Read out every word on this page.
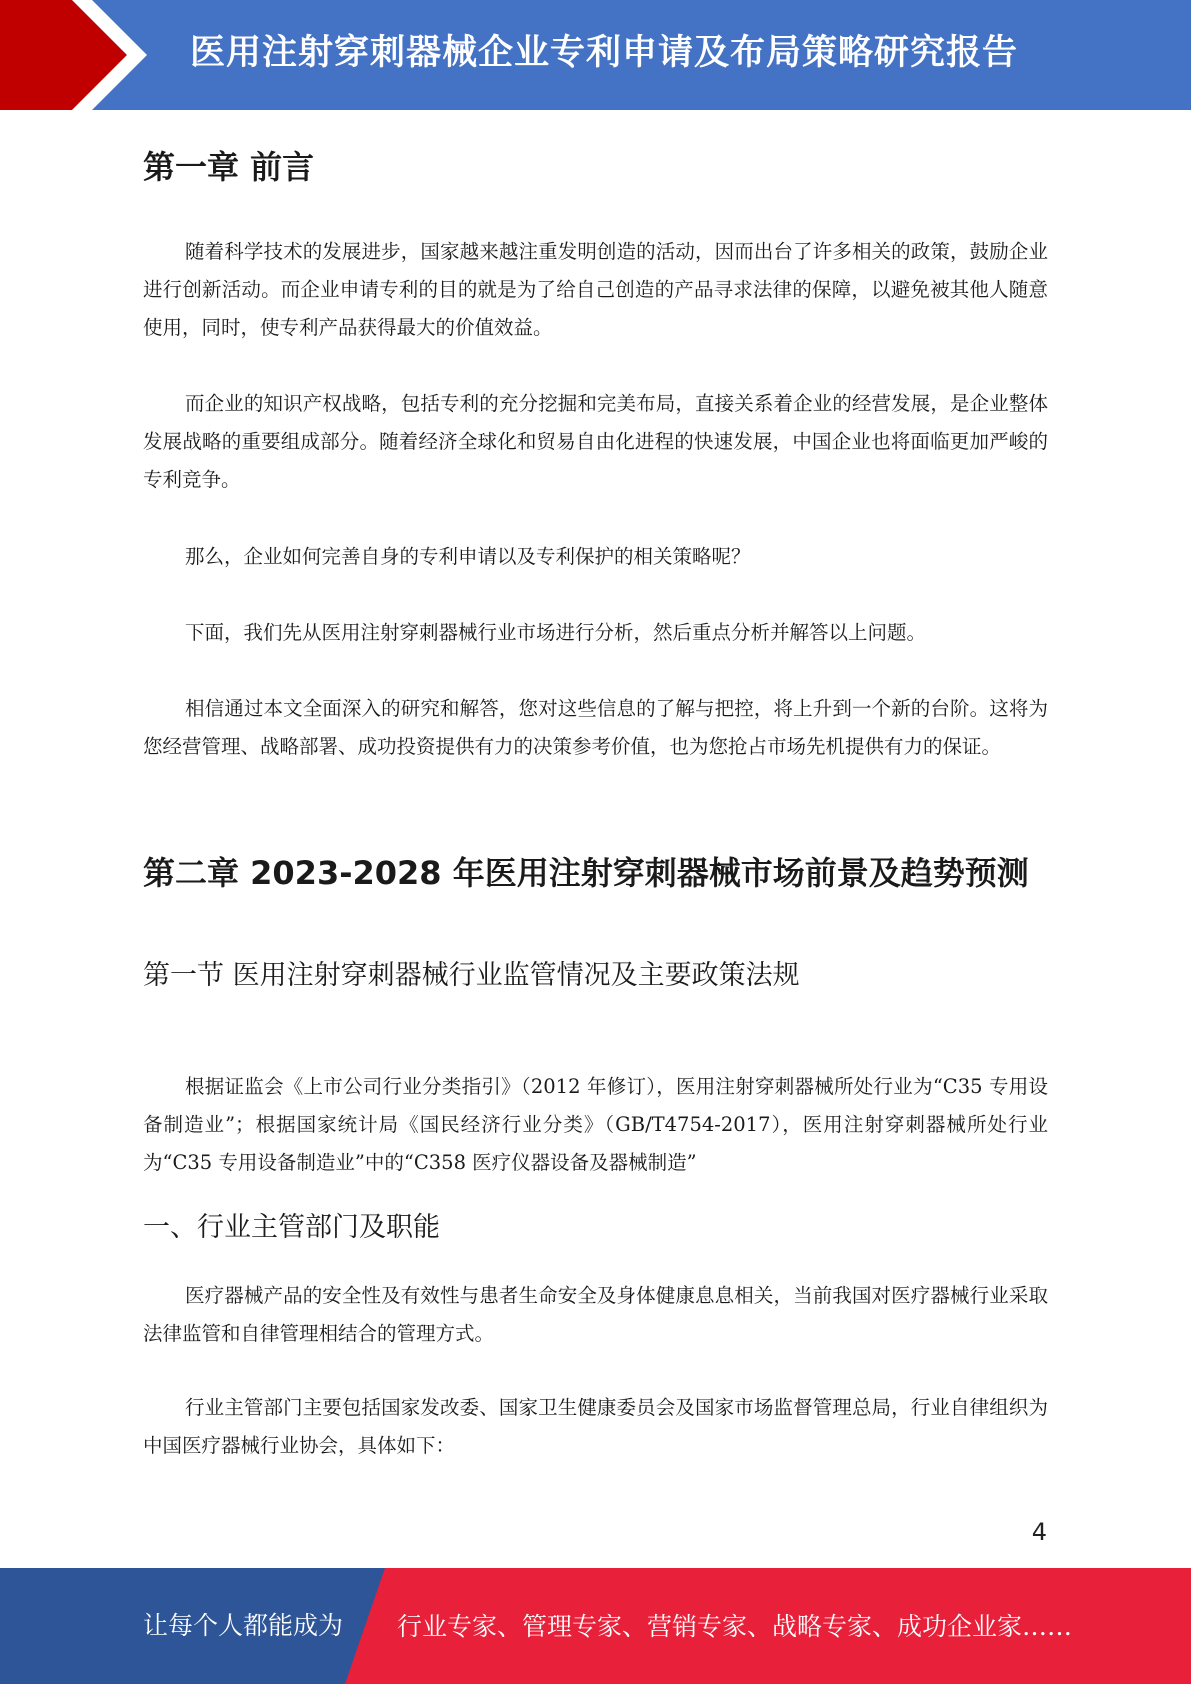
医用注射穿刺器械企业专利申请及布局策略研究报告
第一章 前言

随着科学技术的发展进步，国家越来越注重发明创造的活动，因而出台了许多相关的政策，鼓励企业进行创新活动。而企业申请专利的目的就是为了给自己创造的产品寻求法律的保障，以避免被其他人随意使用，同时，使专利产品获得最大的价值效益。

而企业的知识产权战略，包括专利的充分挖掘和完美布局，直接关系着企业的经营发展，是企业整体发展战略的重要组成部分。随着经济全球化和贸易自由化进程的快速发展，中国企业也将面临更加严峻的专利竞争。

那么，企业如何完善自身的专利申请以及专利保护的相关策略呢？

下面，我们先从医用注射穿刺器械行业市场进行分析，然后重点分析并解答以上问题。

相信通过本文全面深入的研究和解答，您对这些信息的了解与把控，将上升到一个新的台阶。这将为您经营管理、战略部署、成功投资提供有力的决策参考价值，也为您抢占市场先机提供有力的保证。

第二章 2023-2028 年医用注射穿刺器械市场前景及趋势预测
第一节 医用注射穿刺器械行业监管情况及主要政策法规

根据证监会《上市公司行业分类指引》（2012 年修订），医用注射穿刺器械所处行业为“C35 专用设备制造业”；根据国家统计局《国民经济行业分类》（GB/T4754-2017），医用注射穿刺器械所处行业为“C35 专用设备制造业”中的“C358 医疗仪器设备及器械制造”

一、行业主管部门及职能

医疗器械产品的安全性及有效性与患者生命安全及身体健康息息相关，当前我国对医疗器械行业采取法律监管和自律管理相结合的管理方式。

行业主管部门主要包括国家发改委、国家卫生健康委员会及国家市场监督管理总局，行业自律组织为中国医疗器械行业协会，具体如下：

4
让每个人都能成为 行业专家、管理专家、营销专家、战略专家、成功企业家……
